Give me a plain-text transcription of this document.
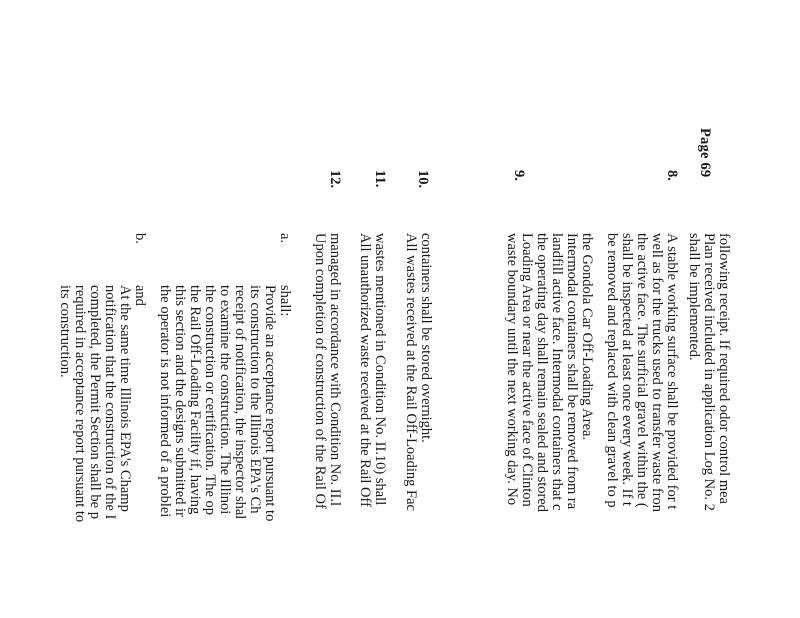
Page 69
following receipt. If required odor control mea
Plan received included in application Log No. 2
shall be implemented.
8.
A stable working surface shall be provided for t
well as for the trucks used to transfer waste fron
the active face. The surficial gravel within the (
shall be inspected at least once every week. If t
be removed and replaced with clean gravel to p
9.
the Gondola Car Off-Loading Area.
Intermodal containers shall be removed from ra
landfill active face. Intermodal containers that c
the operating day shall remain sealed and stored
Loading Area or near the active face of Clinton
waste boundary until the next working day. No
10.
containers shall be stored overnight.
All wastes received at the Rail Off-Loading Fac
11.
wastes mentioned in Condition No. II.10) shall
All unauthorized waste received at the Rail Off
12.
managed in accordance with Condition No. II.l
Upon completion of construction of the Rail Of
a.
shall:
Provide an acceptance report pursuant to
its construction to the Illinois EPA's Ch
receipt of notification, the inspector shal
to examine the construction. The Illinoi
the construction or certification. The op
the Rail Off-Loading Facility if, having
this section and the designs submitted ir
the operator is not informed of a problei
b.
and
At the same time Illinois EPA's Champ
notification that the construction of the I
completed, the Permit Section shall be p
required in acceptance report pursuant to
its construction.
